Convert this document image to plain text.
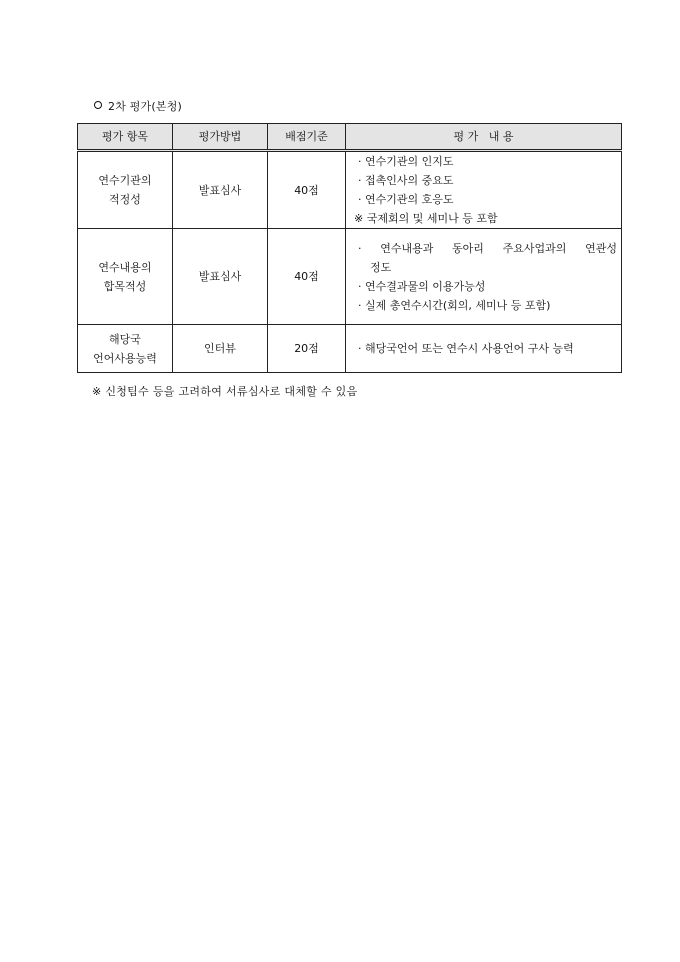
2차 평가(본청)
평가 항목	평가방법	배점기준	평 가   내 용

연수기관의
적정성	발표심사	40점	· 연수기관의 인지도
· 접촉인사의 중요도
· 연수기관의 호응도
※ 국제회의 및 세미나 등 포함

연수내용의
합목적성	발표심사	40점	· 연수내용과 동아리 주요사업과의 연관성
정도
· 연수결과물의 이용가능성
· 실제 총연수시간(회의, 세미나 등 포함)

해당국
언어사용능력	인터뷰	20점	· 해당국언어 또는 연수시 사용언어 구사 능력
※ 신청팀수 등을 고려하여 서류심사로 대체할 수 있음
